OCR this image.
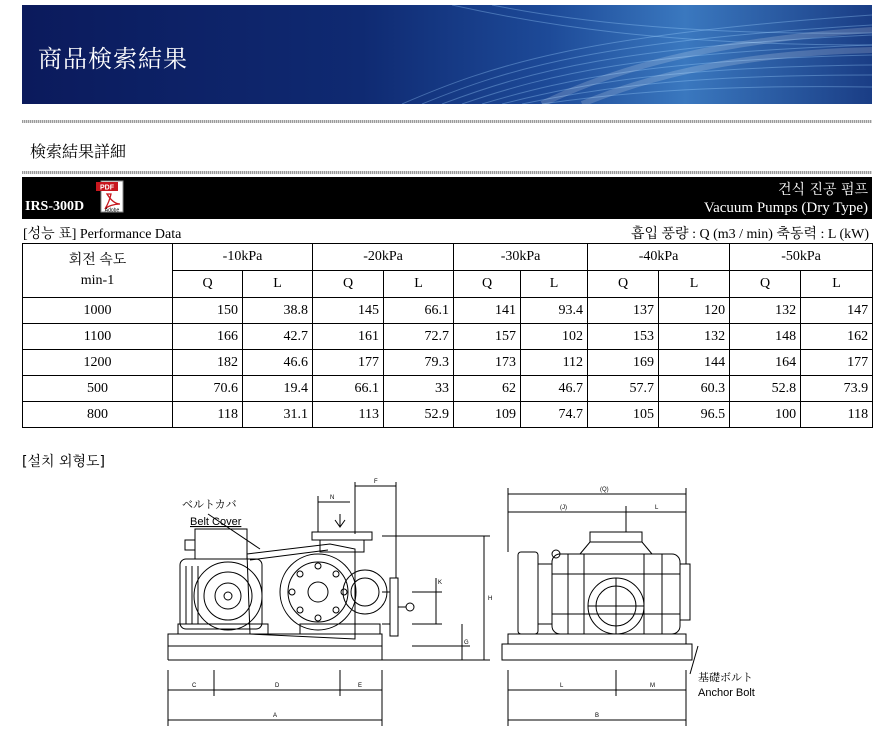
商品検索結果
検索結果詳細
IRS-300D
PDF
Adobe
건식 진공 펌프
Vacuum Pumps (Dry Type)
[성능 표] Performance Data	흡입 풍량 : Q (m3 / min) 축동력 : L (kW)
회전 속도
min-1	-10kPa		-20kPa		-30kPa		-40kPa		-50kPa	
	Q	L	Q	L	Q	L	Q	L	Q	L
1000	150	38.8	145	66.1	141	93.4	137	120	132	147
1100	166	42.7	161	72.7	157	102	153	132	148	162
1200	182	46.6	177	79.3	173	112	169	144	164	177
500	70.6	19.4	66.1	33	62	46.7	57.7	60.3	52.8	73.9
800	118	31.1	113	52.9	109	74.7	105	96.5	100	118
[설치 외형도]
C	D	E
A
F
N
H
K
G
(Q)
(J)	L
L	M
B
ベルトカバ
Belt Cover
基礎ボルト
Anchor Bolt
